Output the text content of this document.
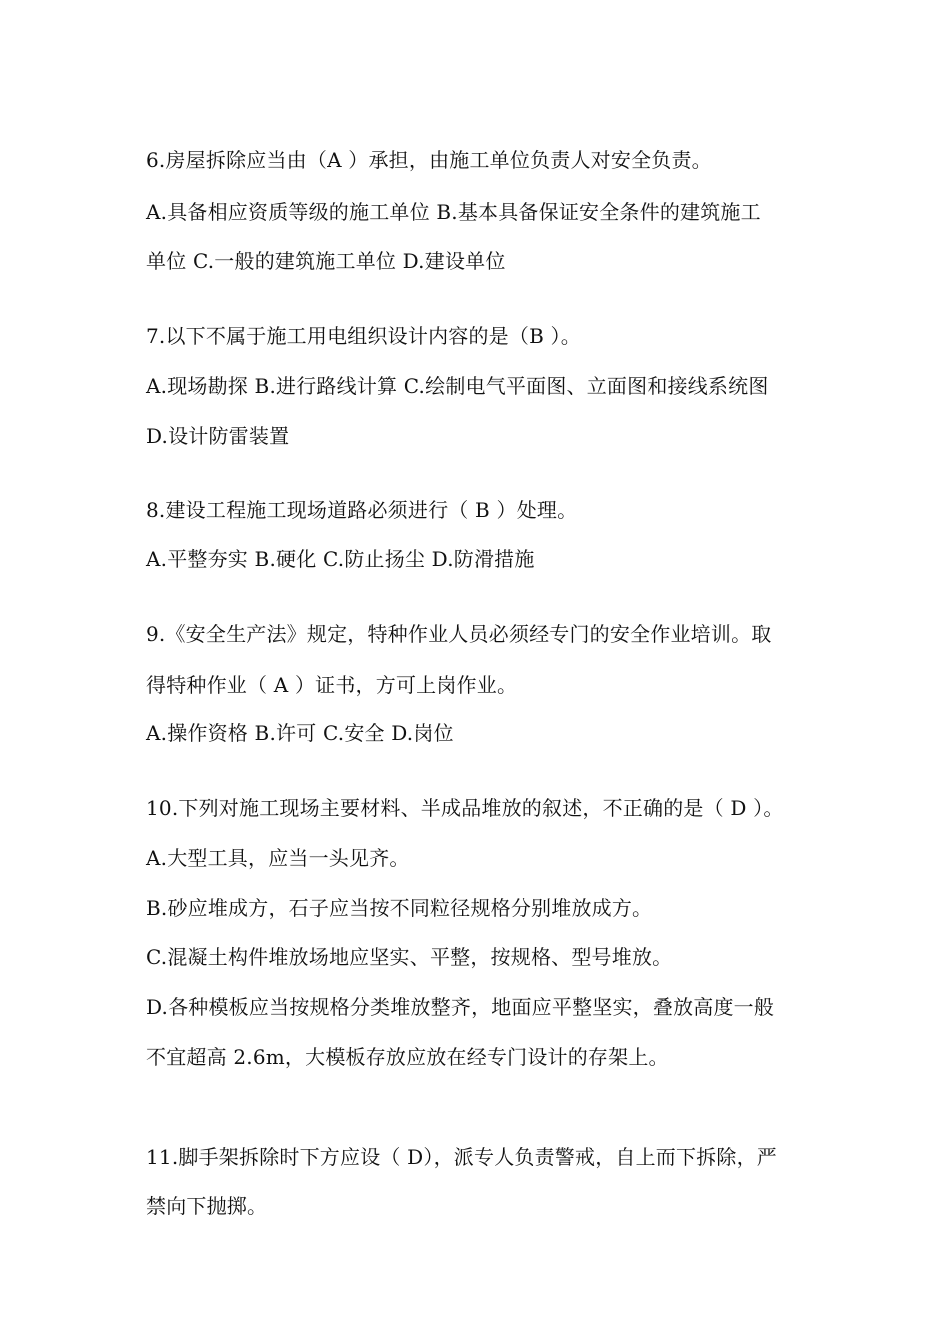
6.房屋拆除应当由（A ）承担，由施工单位负责人对安全负责。
A.具备相应资质等级的施工单位 B.基本具备保证安全条件的建筑施工
单位 C.一般的建筑施工单位 D.建设单位
7.以下不属于施工用电组织设计内容的是（B ）。
A.现场勘探 B.进行路线计算 C.绘制电气平面图、立面图和接线系统图
D.设计防雷装置
8.建设工程施工现场道路必须进行（ B ）处理。
A.平整夯实 B.硬化 C.防止扬尘 D.防滑措施
9.《安全生产法》规定，特种作业人员必须经专门的安全作业培训。取
得特种作业（ A ）证书，方可上岗作业。
A.操作资格 B.许可 C.安全 D.岗位
10.下列对施工现场主要材料、半成品堆放的叙述，不正确的是（ D ）。
A.大型工具，应当一头见齐。
B.砂应堆成方，石子应当按不同粒径规格分别堆放成方。
C.混凝土构件堆放场地应坚实、平整，按规格、型号堆放。
D.各种模板应当按规格分类堆放整齐，地面应平整坚实，叠放高度一般
不宜超高 2.6m，大模板存放应放在经专门设计的存架上。
11.脚手架拆除时下方应设（ D），派专人负责警戒，自上而下拆除，严
禁向下抛掷。
